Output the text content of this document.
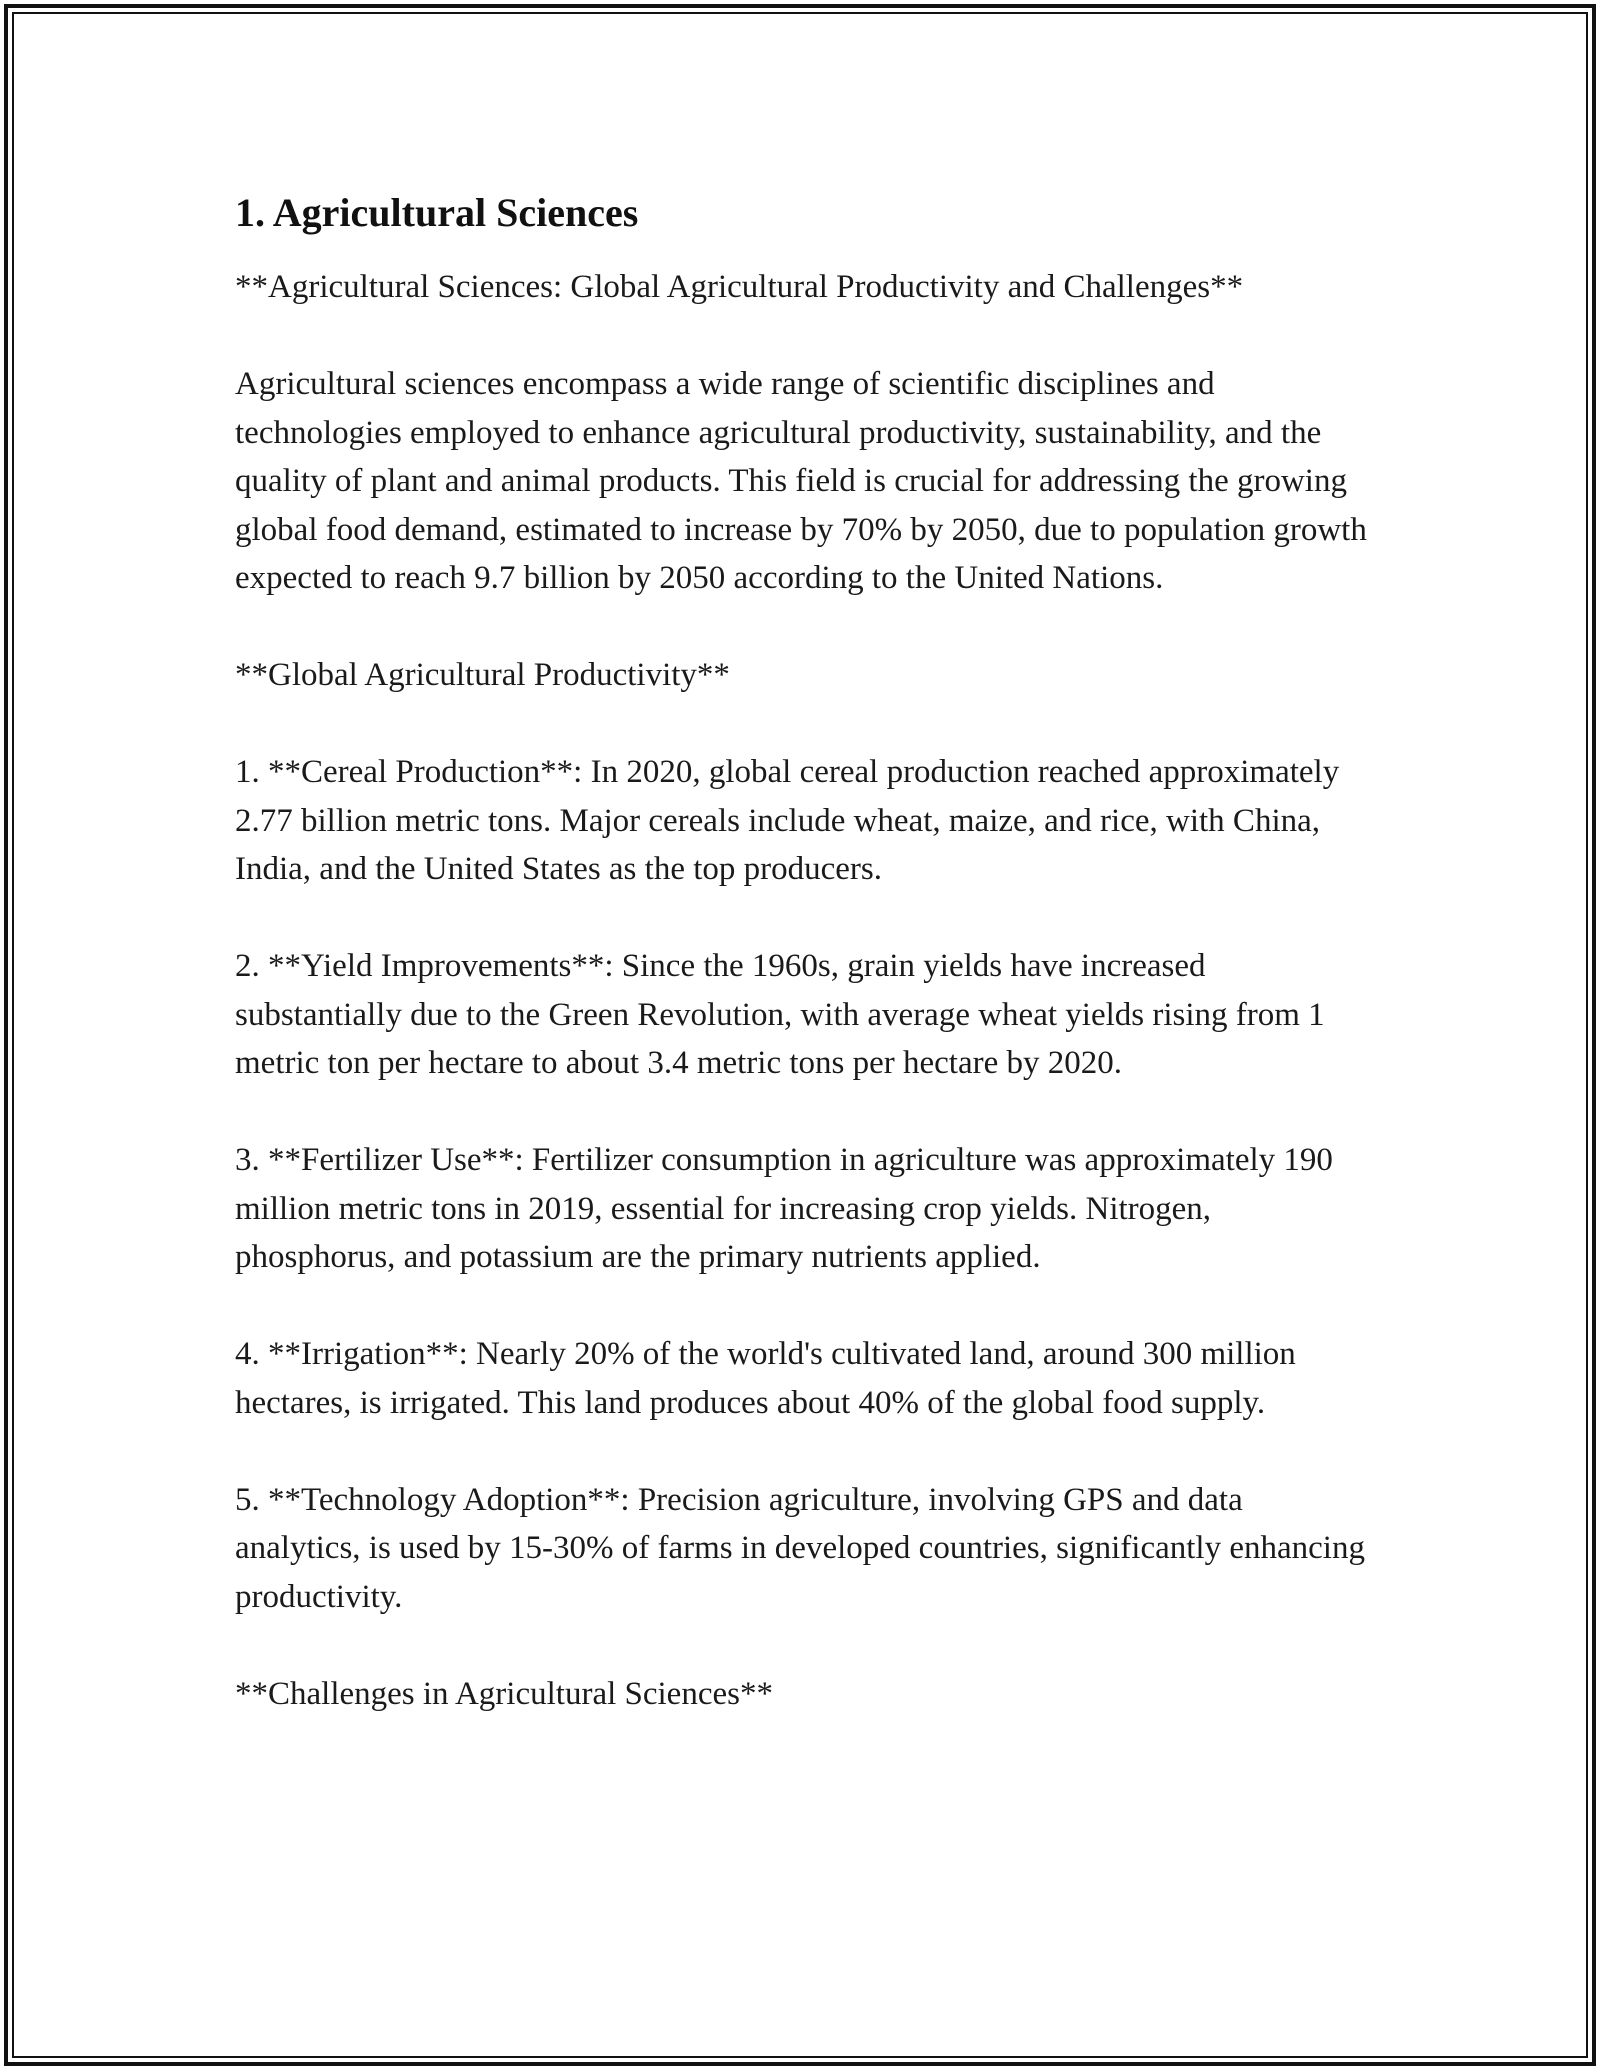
1. Agricultural Sciences

**Agricultural Sciences: Global Agricultural Productivity and Challenges**

Agricultural sciences encompass a wide range of scientific disciplines and technologies employed to enhance agricultural productivity, sustainability, and the quality of plant and animal products. This field is crucial for addressing the growing global food demand, estimated to increase by 70% by 2050, due to population growth expected to reach 9.7 billion by 2050 according to the United Nations.

**Global Agricultural Productivity**

1. **Cereal Production**: In 2020, global cereal production reached approximately 2.77 billion metric tons. Major cereals include wheat, maize, and rice, with China, India, and the United States as the top producers.

2. **Yield Improvements**: Since the 1960s, grain yields have increased substantially due to the Green Revolution, with average wheat yields rising from 1 metric ton per hectare to about 3.4 metric tons per hectare by 2020.

3. **Fertilizer Use**: Fertilizer consumption in agriculture was approximately 190 million metric tons in 2019, essential for increasing crop yields. Nitrogen, phosphorus, and potassium are the primary nutrients applied.

4. **Irrigation**: Nearly 20% of the world's cultivated land, around 300 million hectares, is irrigated. This land produces about 40% of the global food supply.

5. **Technology Adoption**: Precision agriculture, involving GPS and data analytics, is used by 15-30% of farms in developed countries, significantly enhancing productivity.

**Challenges in Agricultural Sciences**
